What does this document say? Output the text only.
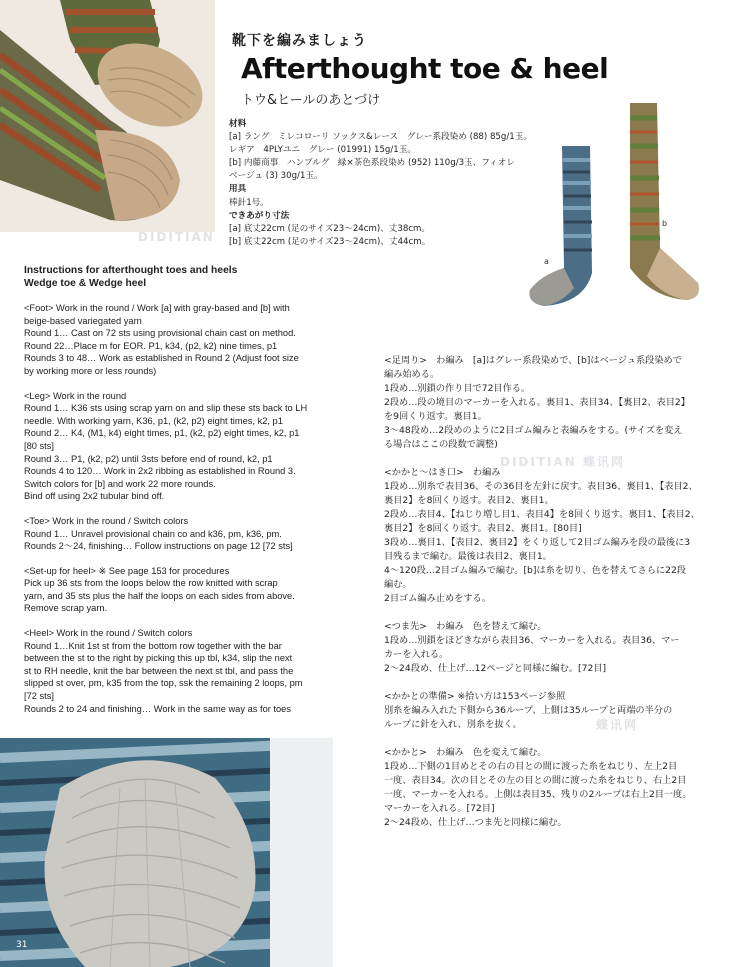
靴下を編みましょう
Afterthought toe & heel
トウ&ヒールのあとづけ
材料
[a] ラング　ミレコローリ ソックス&レース　グレー系段染め (88) 85g/1玉。
レギア　4PLYユニ　グレー (01991) 15g/1玉。
[b] 内藤商事　ハンブルグ　緑×茶色系段染め (952) 110g/3玉、フィオレ
ベージュ (3) 30g/1玉。
用具
棒針1号。
できあがり寸法
[a] 底丈22cm (足のサイズ23〜24cm)、丈38cm。
[b] 底丈22cm (足のサイズ23〜24cm)、丈44cm。
DIDITIAN
a
b

Instructions for afterthought toes and heels

Wedge toe & Wedge heel

<Foot> Work in the round / Work [a] with gray-based and [b] with

beige-based variegated yarn

Round 1… Cast on 72 sts using provisional chain cast on method.

Round 22…Place m for EOR. P1, k34, (p2, k2) nine times, p1

Rounds 3 to 48… Work as established in Round 2 (Adjust foot size

by working more or less rounds)

<Leg> Work in the round

Round 1… K36 sts using scrap yarn on and slip these sts back to LH

needle. With working yarn, K36, p1, (k2, p2) eight times, k2, p1

Round 2… K4, (M1, k4) eight times, p1, (k2, p2) eight times, k2, p1

[80 sts]

Round 3… P1, (k2, p2) until 3sts before end of round, k2, p1

Rounds 4 to 120… Work in 2x2 ribbing as established in Round 3.

Switch colors for [b] and work 22 more rounds.

Bind off using 2x2 tubular bind off.

<Toe> Work in the round / Switch colors

Round 1… Unravel provisional chain co and k36, pm, k36, pm.

Rounds 2〜24, finishing… Follow instructions on page 12 [72 sts]

<Set-up for heel> ※ See page 153 for procedures

Pick up 36 sts from the loops below the row knitted with scrap

yarn, and 35 sts plus the half the loops on each sides from above.

Remove scrap yarn.

<Heel> Work in the round / Switch colors

Round 1…Knit 1st st from the bottom row together with the bar

between the st to the right by picking this up tbl, k34, slip the next

st to RH needle, knit the bar between the next st tbl, and pass the

slipped st over, pm, k35 from the top, ssk the remaining 2 loops, pm

[72 sts]

Rounds 2 to 24 and finishing… Work in the same way as for toes

<足周り>　わ編み　[a]はグレー系段染めで、[b]はベージュ系段染めで

編み始める。

1段め…別鎖の作り目で72目作る。

2段め…段の境目のマーカーを入れる。裏目1、表目34、【裏目2、表目2】

を9回くり返す。裏目1。

3〜48段め…2段めのように2目ゴム編みと表編みをする。(サイズを変え

る場合はここの段数で調整)

<かかと〜はき口>　わ編み

1段め…別糸で表目36、その36目を左針に戻す。表目36、裏目1、【表目2、

裏目2】を8回くり返す。表目2、裏目1。

2段め…表目4、【ねじり増し目1、表目4】を8回くり返す。裏目1、【表目2、

裏目2】を8回くり返す。表目2、裏目1。[80目]

3段め…裏目1、【表目2、裏目2】をくり返して2目ゴム編みを段の最後に3

目残るまで編む。最後は表目2、裏目1。

4〜120段…2目ゴム編みで編む。[b]は糸を切り、色を替えてさらに22段

編む。

2目ゴム編み止めをする。

<つま先>　わ編み　色を替えて編む。

1段め…別鎖をほどきながら表目36、マーカーを入れる。表目36、マー

カーを入れる。

2〜24段め、仕上げ…12ページと同様に編む。[72目]

<かかとの準備> ※拾い方は153ページ参照

別糸を編み入れた下側から36ループ、上側は35ループと両端の半分の

ループに針を入れ、別糸を抜く。

<かかと>　わ編み　色を変えて編む。

1段め…下側の1目めとその右の目との間に渡った糸をねじり、左上2目

一度、表目34。次の目とその左の目との間に渡った糸をねじり、右上2目

一度、マーカーを入れる。上側は表目35、残りの2ループは右上2目一度。

マーカーを入れる。[72目]

2〜24段め、仕上げ…つま先と同様に編む。

DIDITIAN 蝶讯网
蝶讯网
31
